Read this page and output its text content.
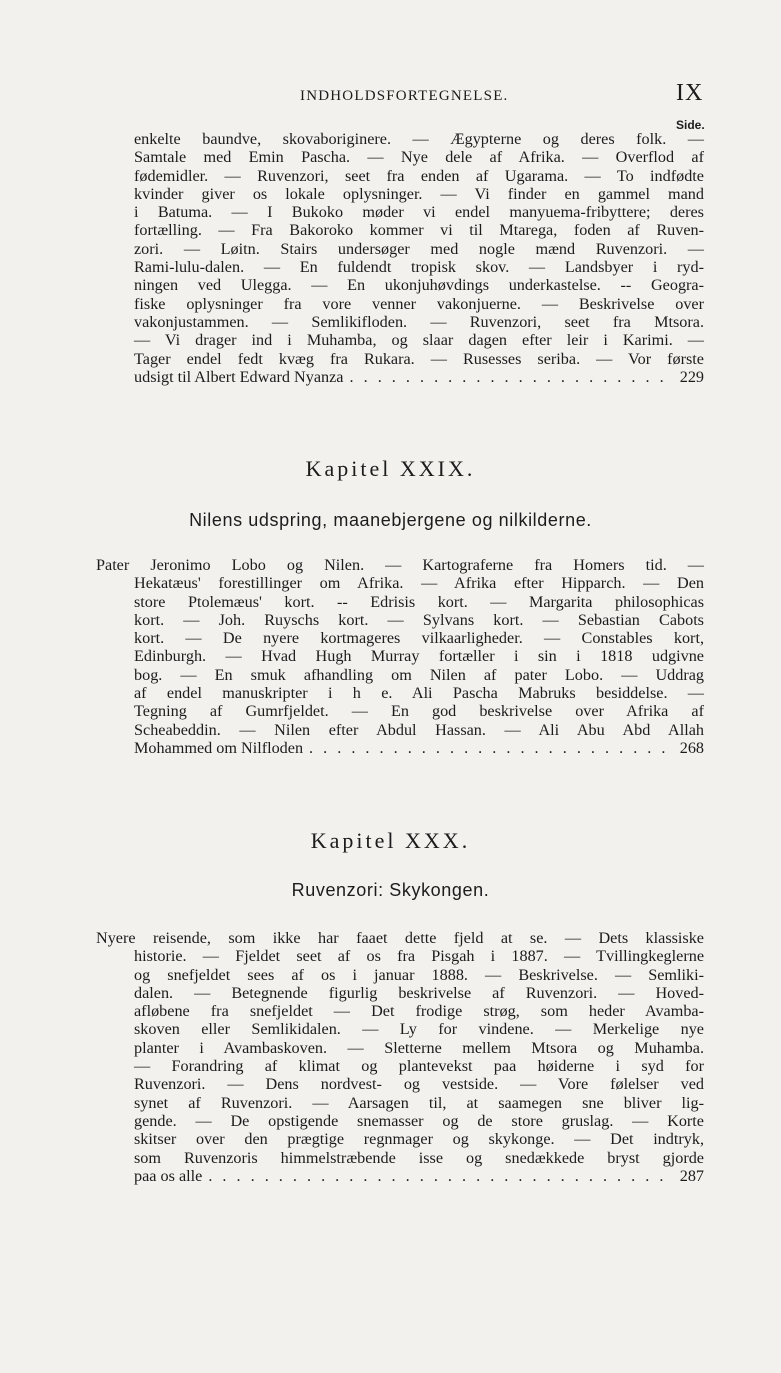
INDHOLDSFORTEGNELSE.	IX
Side.
enkelte baundve, skovaboriginere. — Ægypterne og deres folk. —
Samtale med Emin Pascha. — Nye dele af Afrika. — Overflod af
fødemidler. — Ruvenzori, seet fra enden af Ugarama. — To indfødte
kvinder giver os lokale oplysninger. — Vi finder en gammel mand
i Batuma. — I Bukoko møder vi endel manyuema-fribyttere; deres
fortælling. — Fra Bakoroko kommer vi til Mtarega, foden af Ruven-
zori. — Løitn. Stairs undersøger med nogle mænd Ruvenzori. —
Rami-lulu-dalen. — En fuldendt tropisk skov. — Landsbyer i ryd-
ningen ved Ulegga. — En ukonjuhøvdings underkastelse. -- Geogra-
fiske oplysninger fra vore venner vakonjuerne. — Beskrivelse over
vakonjustammen. — Semlikifloden. — Ruvenzori, seet fra Mtsora.
— Vi drager ind i Muhamba, og slaar dagen efter leir i Karimi. —
Tager endel fedt kvæg fra Rukara. — Rusesses seriba. — Vor første
udsigt til Albert Edward Nyanza . . .	229
Kapitel XXIX.
Nilens udspring, maanebjergene og nilkilderne.
Pater Jeronimo Lobo og Nilen. — Kartograferne fra Homers tid. —
Hekatæus' forestillinger om Afrika. — Afrika efter Hipparch. — Den
store Ptolemæus' kort. -- Edrisis kort. — Margarita philosophicas
kort. — Joh. Ruyschs kort. — Sylvans kort. — Sebastian Cabots
kort. — De nyere kortmageres vilkaarligheder. — Constables kort,
Edinburgh. — Hvad Hugh Murray fortæller i sin i 1818 udgivne
bog. — En smuk afhandling om Nilen af pater Lobo. — Uddrag
af endel manuskripter i h e. Ali Pascha Mabruks besiddelse. —
Tegning af Gumrfjeldet. — En god beskrivelse over Afrika af
Scheabeddin. — Nilen efter Abdul Hassan. — Ali Abu Abd Allah
Mohammed om Nilfloden . . .	268
Kapitel XXX.
Ruvenzori: Skykongen.
Nyere reisende, som ikke har faaet dette fjeld at se. — Dets klassiske
historie. — Fjeldet seet af os fra Pisgah i 1887. — Tvillingkeglerne
og snefjeldet sees af os i januar 1888. — Beskrivelse. — Semliki-
dalen. — Betegnende figurlig beskrivelse af Ruvenzori. — Hoved-
afløbene fra snefjeldet — Det frodige strøg, som heder Avamba-
skoven eller Semlikidalen. — Ly for vindene. — Merkelige nye
planter i Avambaskoven. — Sletterne mellem Mtsora og Muhamba.
— Forandring af klimat og plantevekst paa høiderne i syd for
Ruvenzori. — Dens nordvest- og vestside. — Vore følelser ved
synet af Ruvenzori. — Aarsagen til, at saamegen sne bliver lig-
gende. — De opstigende snemasser og de store gruslag. — Korte
skitser over den prægtige regnmager og skykonge. — Det indtryk,
som Ruvenzoris himmelstræbende isse og snedækkede bryst gjorde
paa os alle . . .	287
